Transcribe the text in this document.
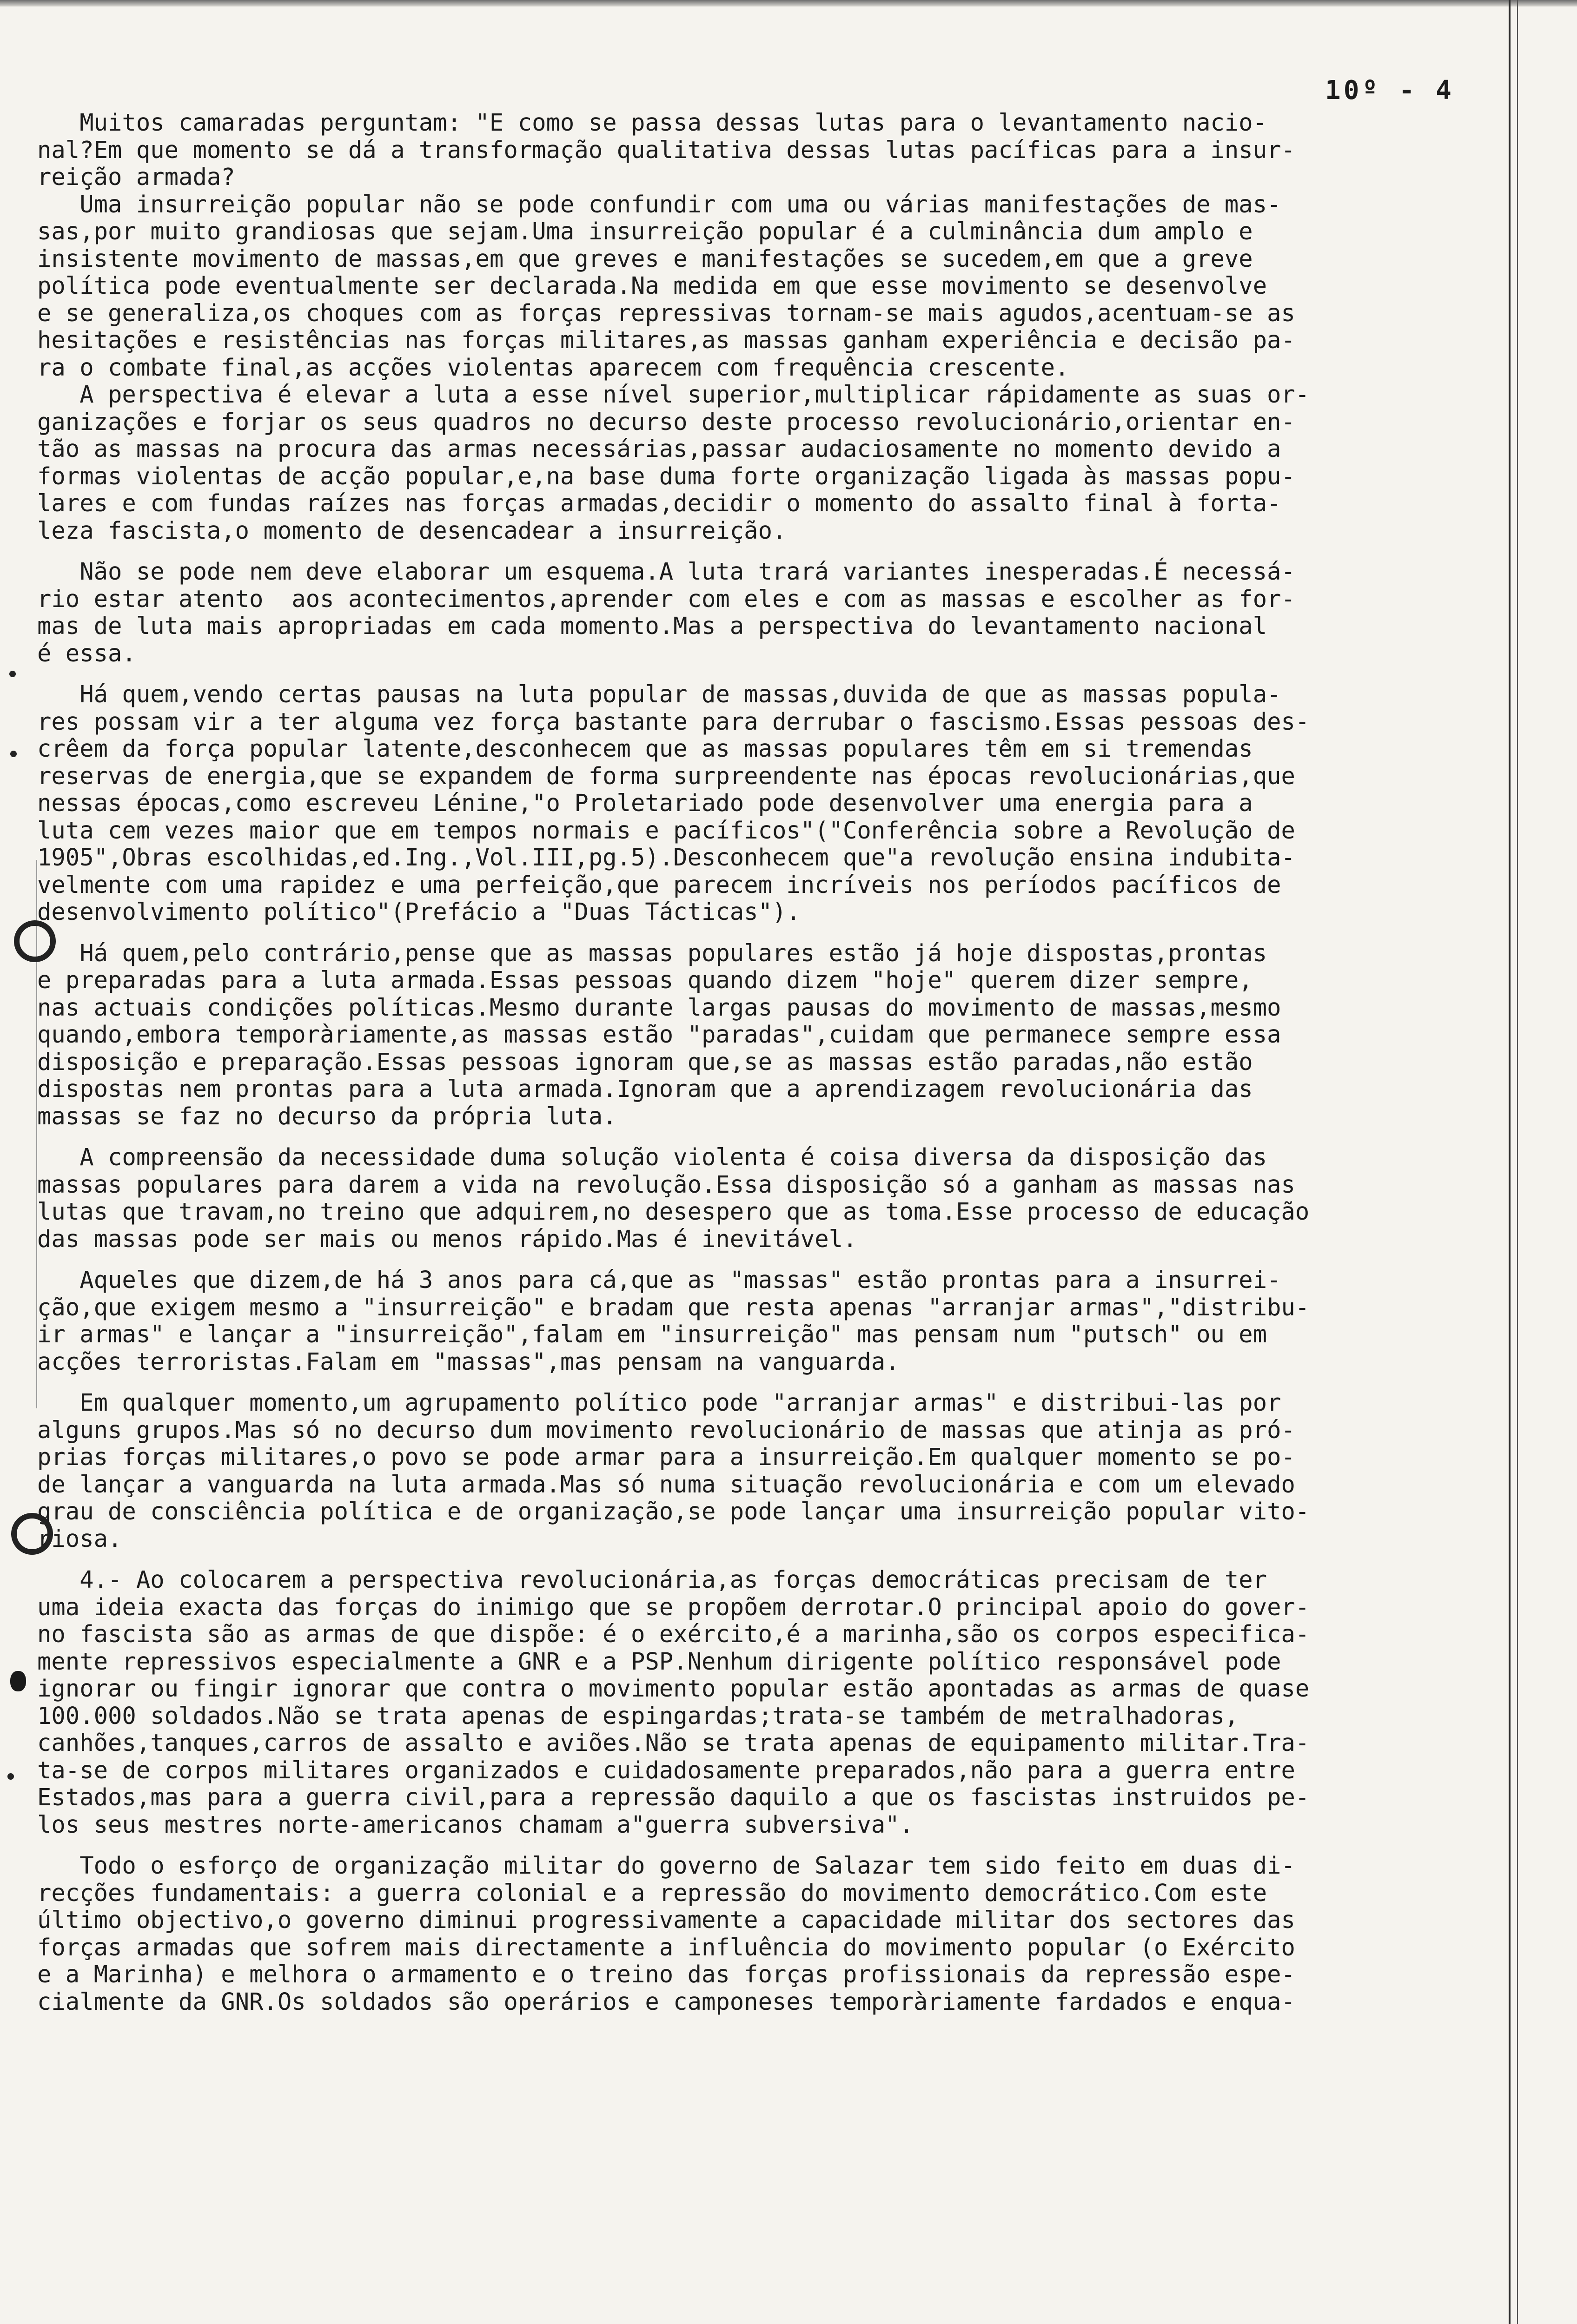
10º - 4
Muitos camaradas perguntam: "E como se passa dessas lutas para o levantamento nacio-
nal?Em que momento se dá a transformação qualitativa dessas lutas pacíficas para a insur-
reição armada?
Uma insurreição popular não se pode confundir com uma ou várias manifestações de mas-
sas,por muito grandiosas que sejam.Uma insurreição popular é a culminância dum amplo e
insistente movimento de massas,em que greves e manifestações se sucedem,em que a greve
política pode eventualmente ser declarada.Na medida em que esse movimento se desenvolve
e se generaliza,os choques com as forças repressivas tornam-se mais agudos,acentuam-se as
hesitações e resistências nas forças militares,as massas ganham experiência e decisão pa-
ra o combate final,as acções violentas aparecem com frequência crescente.
A perspectiva é elevar a luta a esse nível superior,multiplicar rápidamente as suas or-
ganizações e forjar os seus quadros no decurso deste processo revolucionário,orientar en-
tão as massas na procura das armas necessárias,passar audaciosamente no momento devido a
formas violentas de acção popular,e,na base duma forte organização ligada às massas popu-
lares e com fundas raízes nas forças armadas,decidir o momento do assalto final à forta-
leza fascista,o momento de desencadear a insurreição.
Não se pode nem deve elaborar um esquema.A luta trará variantes inesperadas.É necessá-
rio estar atento  aos acontecimentos,aprender com eles e com as massas e escolher as for-
mas de luta mais apropriadas em cada momento.Mas a perspectiva do levantamento nacional
é essa.
Há quem,vendo certas pausas na luta popular de massas,duvida de que as massas popula-
res possam vir a ter alguma vez força bastante para derrubar o fascismo.Essas pessoas des-
crêem da força popular latente,desconhecem que as massas populares têm em si tremendas
reservas de energia,que se expandem de forma surpreendente nas épocas revolucionárias,que
nessas épocas,como escreveu Lénine,"o Proletariado pode desenvolver uma energia para a
luta cem vezes maior que em tempos normais e pacíficos"("Conferência sobre a Revolução de
1905",Obras escolhidas,ed.Ing.,Vol.III,pg.5).Desconhecem que"a revolução ensina indubita-
velmente com uma rapidez e uma perfeição,que parecem incríveis nos períodos pacíficos de
desenvolvimento político"(Prefácio a "Duas Tácticas").
Há quem,pelo contrário,pense que as massas populares estão já hoje dispostas,prontas
e preparadas para a luta armada.Essas pessoas quando dizem "hoje" querem dizer sempre,
nas actuais condições políticas.Mesmo durante largas pausas do movimento de massas,mesmo
quando,embora temporàriamente,as massas estão "paradas",cuidam que permanece sempre essa
disposição e preparação.Essas pessoas ignoram que,se as massas estão paradas,não estão
dispostas nem prontas para a luta armada.Ignoram que a aprendizagem revolucionária das
massas se faz no decurso da própria luta.
A compreensão da necessidade duma solução violenta é coisa diversa da disposição das
massas populares para darem a vida na revolução.Essa disposição só a ganham as massas nas
lutas que travam,no treino que adquirem,no desespero que as toma.Esse processo de educação
das massas pode ser mais ou menos rápido.Mas é inevitável.
Aqueles que dizem,de há 3 anos para cá,que as "massas" estão prontas para a insurrei-
ção,que exigem mesmo a "insurreição" e bradam que resta apenas "arranjar armas","distribu-
ir armas" e lançar a "insurreição",falam em "insurreição" mas pensam num "putsch" ou em
acções terroristas.Falam em "massas",mas pensam na vanguarda.
Em qualquer momento,um agrupamento político pode "arranjar armas" e distribui-las por
alguns grupos.Mas só no decurso dum movimento revolucionário de massas que atinja as pró-
prias forças militares,o povo se pode armar para a insurreição.Em qualquer momento se po-
de lançar a vanguarda na luta armada.Mas só numa situação revolucionária e com um elevado
grau de consciência política e de organização,se pode lançar uma insurreição popular vito-
riosa.
4.- Ao colocarem a perspectiva revolucionária,as forças democráticas precisam de ter
uma ideia exacta das forças do inimigo que se propõem derrotar.O principal apoio do gover-
no fascista são as armas de que dispõe: é o exército,é a marinha,são os corpos especifica-
mente repressivos especialmente a GNR e a PSP.Nenhum dirigente político responsável pode
ignorar ou fingir ignorar que contra o movimento popular estão apontadas as armas de quase
100.000 soldados.Não se trata apenas de espingardas;trata-se também de metralhadoras,
canhões,tanques,carros de assalto e aviões.Não se trata apenas de equipamento militar.Tra-
ta-se de corpos militares organizados e cuidadosamente preparados,não para a guerra entre
Estados,mas para a guerra civil,para a repressão daquilo a que os fascistas instruidos pe-
los seus mestres norte-americanos chamam a"guerra subversiva".
Todo o esforço de organização militar do governo de Salazar tem sido feito em duas di-
recções fundamentais: a guerra colonial e a repressão do movimento democrático.Com este
último objectivo,o governo diminui progressivamente a capacidade militar dos sectores das
forças armadas que sofrem mais directamente a influência do movimento popular (o Exército
e a Marinha) e melhora o armamento e o treino das forças profissionais da repressão espe-
cialmente da GNR.Os soldados são operários e camponeses temporàriamente fardados e enqua-
